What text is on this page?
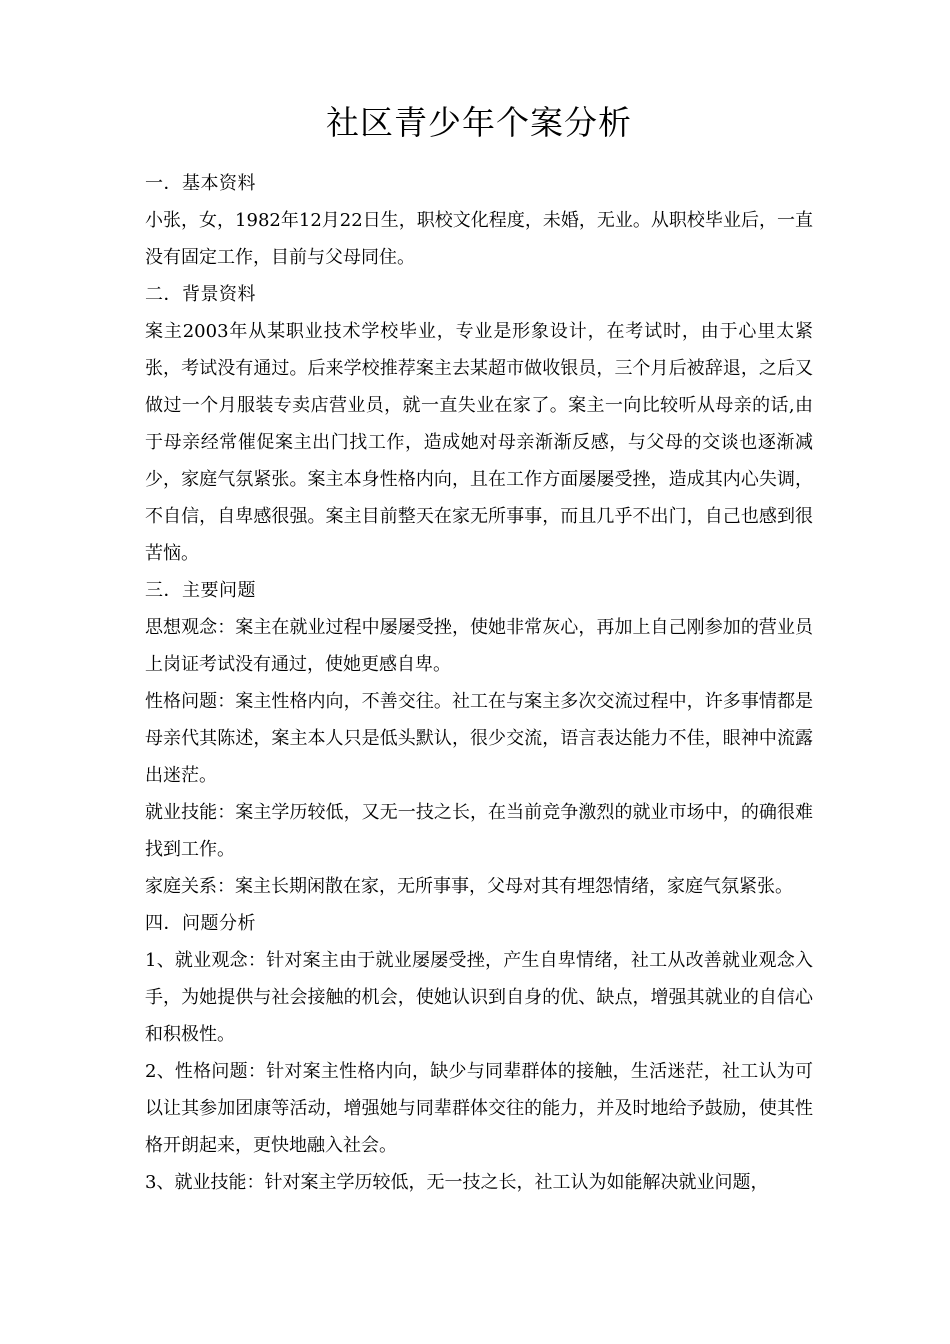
社区青少年个案分析

一．基本资料

小张，女，1982年12月22日生，职校文化程度，未婚，无业。从职校毕业后，一直没有固定工作，目前与父母同住。

二．背景资料

案主2003年从某职业技术学校毕业，专业是形象设计，在考试时，由于心里太紧张，考试没有通过。后来学校推荐案主去某超市做收银员，三个月后被辞退，之后又做过一个月服装专卖店营业员，就一直失业在家了。案主一向比较听从母亲的话,由于母亲经常催促案主出门找工作，造成她对母亲渐渐反感，与父母的交谈也逐渐减少，家庭气氛紧张。案主本身性格内向，且在工作方面屡屡受挫，造成其内心失调，不自信，自卑感很强。案主目前整天在家无所事事，而且几乎不出门，自己也感到很苦恼。

三．主要问题

思想观念：案主在就业过程中屡屡受挫，使她非常灰心，再加上自己刚参加的营业员上岗证考试没有通过，使她更感自卑。

性格问题：案主性格内向，不善交往。社工在与案主多次交流过程中，许多事情都是母亲代其陈述，案主本人只是低头默认，很少交流，语言表达能力不佳，眼神中流露出迷茫。

就业技能：案主学历较低，又无一技之长，在当前竞争激烈的就业市场中，的确很难找到工作。

家庭关系：案主长期闲散在家，无所事事，父母对其有埋怨情绪，家庭气氛紧张。

四．问题分析

1、就业观念：针对案主由于就业屡屡受挫，产生自卑情绪，社工从改善就业观念入手，为她提供与社会接触的机会，使她认识到自身的优、缺点，增强其就业的自信心和积极性。

2、性格问题：针对案主性格内向，缺少与同辈群体的接触，生活迷茫，社工认为可以让其参加团康等活动，增强她与同辈群体交往的能力，并及时地给予鼓励，使其性格开朗起来，更快地融入社会。

3、就业技能：针对案主学历较低，无一技之长，社工认为如能解决就业问题，
